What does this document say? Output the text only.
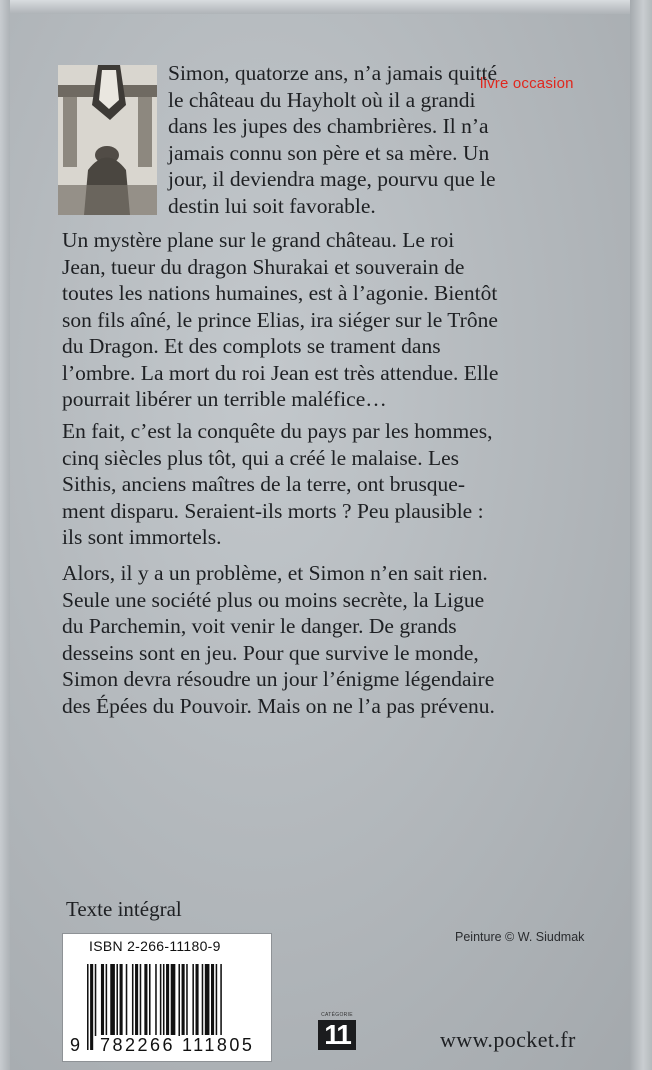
livre occasion
Simon, quatorze ans, n’a jamais quitté
le château du Hayholt où il a grandi
dans les jupes des chambrières. Il n’a
jamais connu son père et sa mère. Un
jour, il deviendra mage, pourvu que le
destin lui soit favorable.
Un mystère plane sur le grand château. Le roi
Jean, tueur du dragon Shurakai et souverain de
toutes les nations humaines, est à l’agonie. Bientôt
son fils aîné, le prince Elias, ira siéger sur le Trône
du Dragon. Et des complots se trament dans
l’ombre. La mort du roi Jean est très attendue. Elle
pourrait libérer un terrible maléfice…
En fait, c’est la conquête du pays par les hommes,
cinq siècles plus tôt, qui a créé le malaise. Les
Sithis, anciens maîtres de la terre, ont brusque-
ment disparu. Seraient-ils morts ? Peu plausible :
ils sont immortels.
Alors, il y a un problème, et Simon n’en sait rien.
Seule une société plus ou moins secrète, la Ligue
du Parchemin, voit venir le danger. De grands
desseins sont en jeu. Pour que survive le monde,
Simon devra résoudre un jour l’énigme légendaire
des Épées du Pouvoir. Mais on ne l’a pas prévenu.
Texte intégral
Peinture © W. Siudmak
ISBN 2-266-11180-9
9 782266 111805
CATÉGORIE
11	www.pocket.fr
